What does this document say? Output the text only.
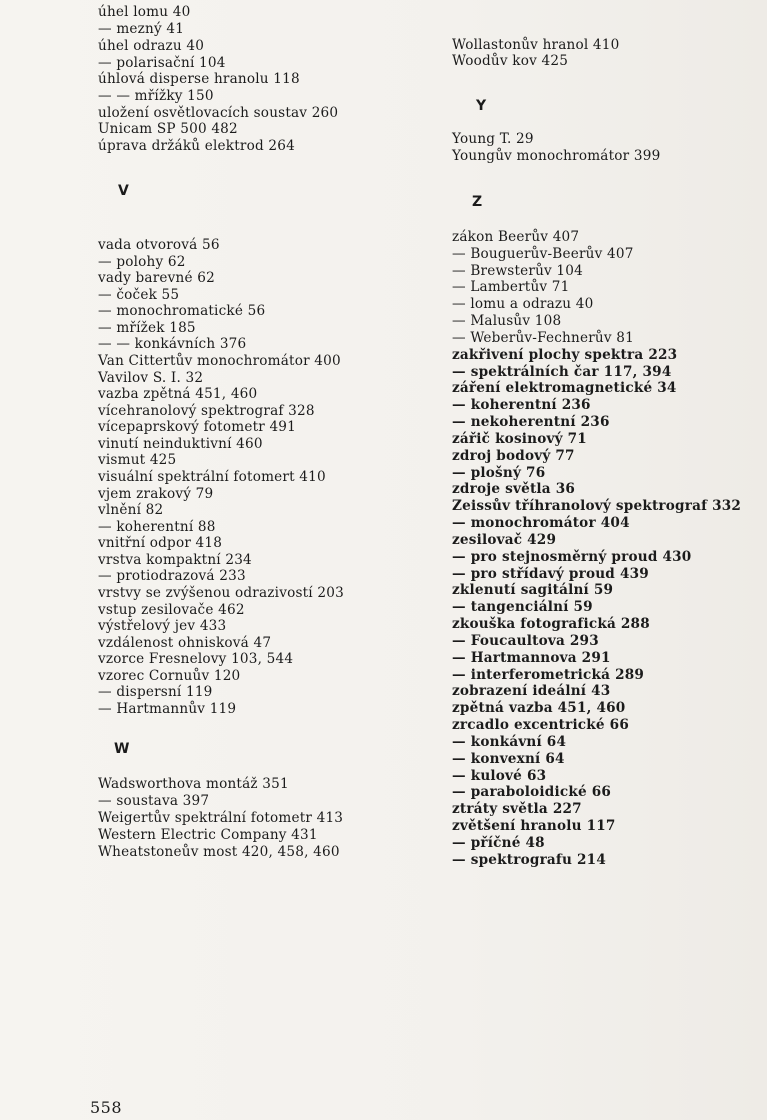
úhel lomu 40
— mezný 41
úhel odrazu 40
— polarisační 104
úhlová disperse hranolu 118
— — mřížky 150
uložení osvětlovacích soustav 260
Unicam SP 500 482
úprava držáků elektrod 264
V
vada otvorová 56
— polohy 62
vady barevné 62
— čoček 55
— monochromatické 56
— mřížek 185
— — konkávních 376
Van Cittertův monochromátor 400
Vavilov S. I. 32
vazba zpětná 451, 460
vícehranolový spektrograf 328
vícepaprskový fotometr 491
vinutí neinduktivní 460
vismut 425
visuální spektrální fotomert 410
vjem zrakový 79
vlnění 82
— koherentní 88
vnitřní odpor 418
vrstva kompaktní 234
— protiodrazová 233
vrstvy se zvýšenou odrazivostí 203
vstup zesilovače 462
výstřelový jev 433
vzdálenost ohnisková 47
vzorce Fresnelovy 103, 544
vzorec Cornuův 120
— dispersní 119
— Hartmannův 119
W
Wadsworthova montáž 351
— soustava 397
Weigertův spektrální fotometr 413
Western Electric Company 431
Wheatstoneův most 420, 458, 460
Wollastonův hranol 410
Woodův kov 425
Y
Young T. 29
Youngův monochromátor 399
Z
zákon Beerův 407
— Bouguerův-Beerův 407
— Brewsterův 104
— Lambertův 71
— lomu a odrazu 40
— Malusův 108
— Weberův-Fechnerův 81
zakřivení plochy spektra 223
— spektrálních čar 117, 394
záření elektromagnetické 34
— koherentní 236
— nekoherentní 236
zářič kosinový 71
zdroj bodový 77
— plošný 76
zdroje světla 36
Zeissův tříhranolový spektrograf 332
— monochromátor 404
zesilovač 429
— pro stejnosměrný proud 430
— pro střídavý proud 439
zklenutí sagitální 59
— tangenciální 59
zkouška fotografická 288
— Foucaultova 293
— Hartmannova 291
— interferometrická 289
zobrazení ideální 43
zpětná vazba 451, 460
zrcadlo excentrické 66
— konkávní 64
— konvexní 64
— kulové 63
— paraboloidické 66
ztráty světla 227
zvětšení hranolu 117
— příčné 48
— spektrografu 214
558
